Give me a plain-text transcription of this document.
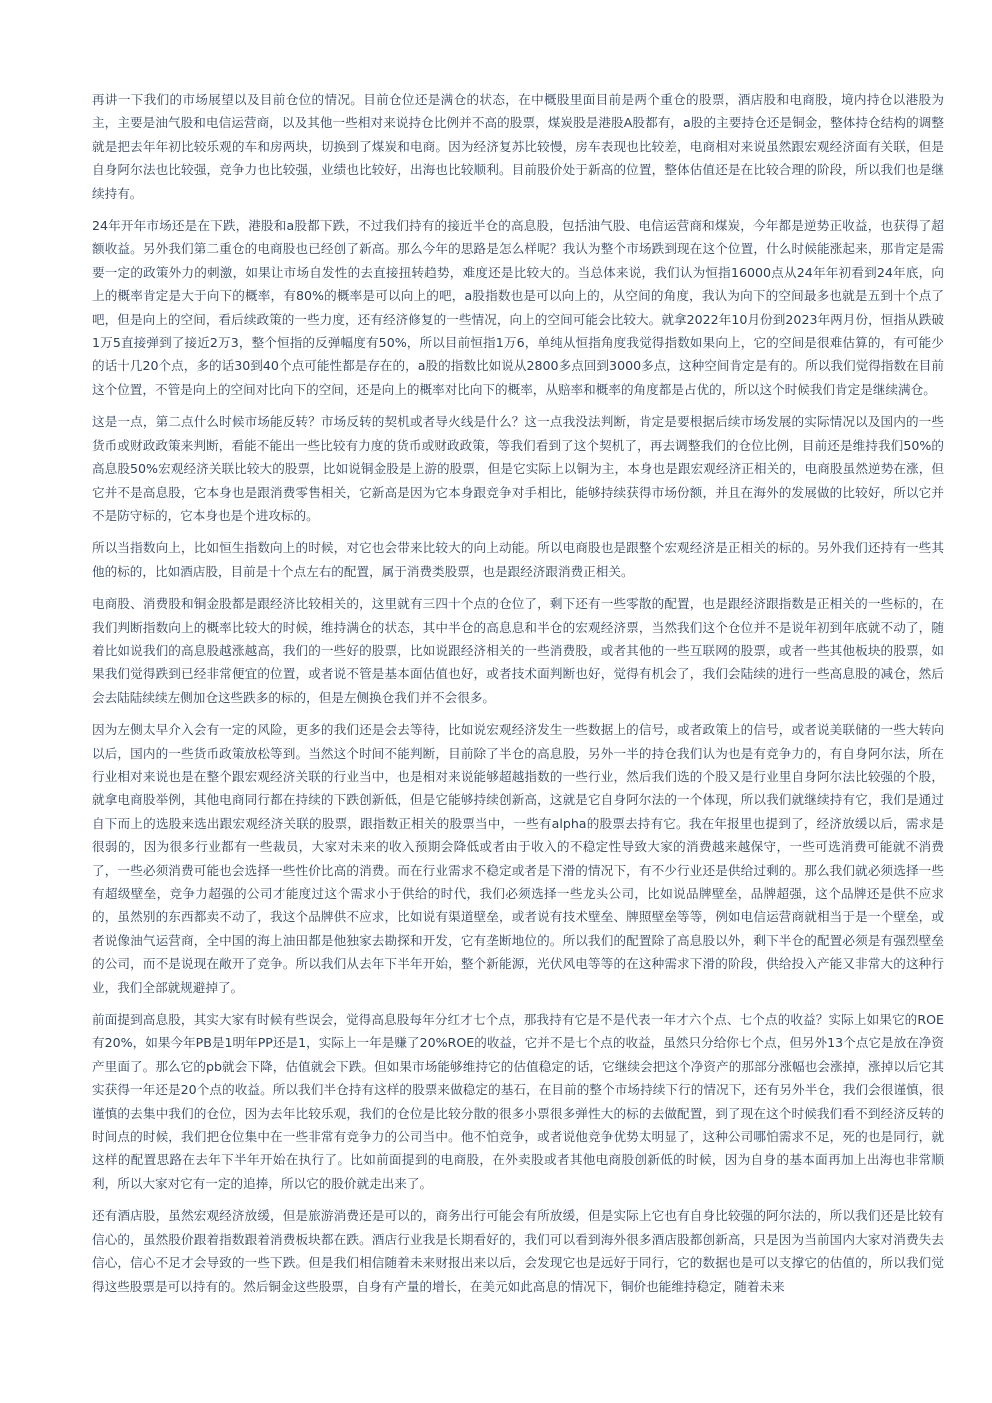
再讲一下我们的市场展望以及目前仓位的情况。目前仓位还是满仓的状态，在中概股里面目前是两个重仓的股票，酒店股和电商股，境内持仓以港股为主，主要是油气股和电信运营商，以及其他一些相对来说持仓比例并不高的股票，煤炭股是港股A股都有，a股的主要持仓还是铜金，整体持仓结构的调整就是把去年年初比较乐观的车和房两块，切换到了煤炭和电商。因为经济复苏比较慢，房车表现也比较差，电商相对来说虽然跟宏观经济面有关联，但是自身阿尔法也比较强，竞争力也比较强，业绩也比较好，出海也比较顺利。目前股价处于新高的位置，整体估值还是在比较合理的阶段，所以我们也是继续持有。

24年开年市场还是在下跌，港股和a股都下跌，不过我们持有的接近半仓的高息股，包括油气股、电信运营商和煤炭，今年都是逆势正收益，也获得了超额收益。另外我们第二重仓的电商股也已经创了新高。那么今年的思路是怎么样呢？我认为整个市场跌到现在这个位置，什么时候能涨起来，那肯定是需要一定的政策外力的刺激，如果让市场自发性的去直接扭转趋势，难度还是比较大的。当总体来说，我们认为恒指16000点从24年年初看到24年底，向上的概率肯定是大于向下的概率，有80%的概率是可以向上的吧，a股指数也是可以向上的，从空间的角度，我认为向下的空间最多也就是五到十个点了吧，但是向上的空间，看后续政策的一些力度，还有经济修复的一些情况，向上的空间可能会比较大。就拿2022年10月份到2023年两月份，恒指从跌破1万5直接弹到了接近2万3，整个恒指的反弹幅度有50%，所以目前恒指1万6，单纯从恒指角度我觉得指数如果向上，它的空间是很难估算的，有可能少的话十几20个点，多的话30到40个点可能性都是存在的，a股的指数比如说从2800多点回到3000多点，这种空间肯定是有的。所以我们觉得指数在目前这个位置，不管是向上的空间对比向下的空间，还是向上的概率对比向下的概率，从赔率和概率的角度都是占优的，所以这个时候我们肯定是继续满仓。

这是一点，第二点什么时候市场能反转？市场反转的契机或者导火线是什么？这一点我没法判断，肯定是要根据后续市场发展的实际情况以及国内的一些货币或财政政策来判断，看能不能出一些比较有力度的货币或财政政策，等我们看到了这个契机了，再去调整我们的仓位比例，目前还是维持我们50%的高息股50%宏观经济关联比较大的股票，比如说铜金股是上游的股票，但是它实际上以铜为主，本身也是跟宏观经济正相关的，电商股虽然逆势在涨，但它并不是高息股，它本身也是跟消费零售相关，它新高是因为它本身跟竞争对手相比，能够持续获得市场份额，并且在海外的发展做的比较好，所以它并不是防守标的，它本身也是个进攻标的。

所以当指数向上，比如恒生指数向上的时候，对它也会带来比较大的向上动能。所以电商股也是跟整个宏观经济是正相关的标的。另外我们还持有一些其他的标的，比如酒店股，目前是十个点左右的配置，属于消费类股票，也是跟经济跟消费正相关。

电商股、消费股和铜金股都是跟经济比较相关的，这里就有三四十个点的仓位了，剩下还有一些零散的配置，也是跟经济跟指数是正相关的一些标的，在我们判断指数向上的概率比较大的时候，维持满仓的状态，其中半仓的高息息和半仓的宏观经济票，当然我们这个仓位并不是说年初到年底就不动了，随着比如说我们的高息股越涨越高，我们的一些好的股票，比如说跟经济相关的一些消费股，或者其他的一些互联网的股票，或者一些其他板块的股票，如果我们觉得跌到已经非常便宜的位置，或者说不管是基本面估值也好，或者技术面判断也好，觉得有机会了，我们会陆续的进行一些高息股的减仓，然后会去陆陆续续左侧加仓这些跌多的标的，但是左侧换仓我们并不会很多。

因为左侧太早介入会有一定的风险，更多的我们还是会去等待，比如说宏观经济发生一些数据上的信号，或者政策上的信号，或者说美联储的一些大转向以后，国内的一些货币政策放松等到。当然这个时间不能判断，目前除了半仓的高息股，另外一半的持仓我们认为也是有竞争力的，有自身阿尔法，所在行业相对来说也是在整个跟宏观经济关联的行业当中，也是相对来说能够超越指数的一些行业，然后我们选的个股又是行业里自身阿尔法比较强的个股，就拿电商股举例，其他电商同行都在持续的下跌创新低，但是它能够持续创新高，这就是它自身阿尔法的一个体现，所以我们就继续持有它，我们是通过自下而上的选股来选出跟宏观经济关联的股票，跟指数正相关的股票当中，一些有alpha的股票去持有它。我在年报里也提到了，经济放缓以后，需求是很弱的，因为很多行业都有一些裁员，大家对未来的收入预期会降低或者由于收入的不稳定性导致大家的消费越来越保守，一些可选消费可能就不消费了，一些必须消费可能也会选择一些性价比高的消费。而在行业需求不稳定或者是下滑的情况下，有不少行业还是供给过剩的。那么我们就必须选择一些有超级壁垒，竞争力超强的公司才能度过这个需求小于供给的时代，我们必须选择一些龙头公司，比如说品牌壁垒，品牌超强，这个品牌还是供不应求的，虽然别的东西都卖不动了，我这个品牌供不应求，比如说有渠道壁垒，或者说有技术壁垒、牌照壁垒等等，例如电信运营商就相当于是一个壁垒，或者说像油气运营商，全中国的海上油田都是他独家去勘探和开发，它有垄断地位的。所以我们的配置除了高息股以外，剩下半仓的配置必须是有强烈壁垒的公司，而不是说现在敞开了竞争。所以我们从去年下半年开始，整个新能源，光伏风电等等的在这种需求下滑的阶段，供给投入产能又非常大的这种行业，我们全部就规避掉了。

前面提到高息股，其实大家有时候有些误会，觉得高息股每年分红才七个点，那我持有它是不是代表一年才六个点、七个点的收益？实际上如果它的ROE有20%，如果今年PB是1明年PP还是1，实际上一年是赚了20%ROE的收益，它并不是七个点的收益，虽然只分给你七个点，但另外13个点它是放在净资产里面了。那么它的pb就会下降，估值就会下跌。但如果市场能够维持它的估值稳定的话，它继续会把这个净资产的那部分涨幅也会涨掉，涨掉以后它其实获得一年还是20个点的收益。所以我们半仓持有这样的股票来做稳定的基石，在目前的整个市场持续下行的情况下，还有另外半仓，我们会很谨慎，很谨慎的去集中我们的仓位，因为去年比较乐观，我们的仓位是比较分散的很多小票很多弹性大的标的去做配置，到了现在这个时候我们看不到经济反转的时间点的时候，我们把仓位集中在一些非常有竞争力的公司当中。他不怕竞争，或者说他竞争优势太明显了，这种公司哪怕需求不足，死的也是同行，就这样的配置思路在去年下半年开始在执行了。比如前面提到的电商股，在外卖股或者其他电商股创新低的时候，因为自身的基本面再加上出海也非常顺利，所以大家对它有一定的追捧，所以它的股价就走出来了。

还有酒店股，虽然宏观经济放缓，但是旅游消费还是可以的，商务出行可能会有所放缓，但是实际上它也有自身比较强的阿尔法的，所以我们还是比较有信心的，虽然股价跟着指数跟着消费板块都在跌。酒店行业我是长期看好的，我们可以看到海外很多酒店股都创新高，只是因为当前国内大家对消费失去信心，信心不足才会导致的一些下跌。但是我们相信随着未来财报出来以后，会发现它也是远好于同行，它的数据也是可以支撑它的估值的，所以我们觉得这些股票是可以持有的。然后铜金这些股票，自身有产量的增长，在美元如此高息的情况下，铜价也能维持稳定，随着未来
